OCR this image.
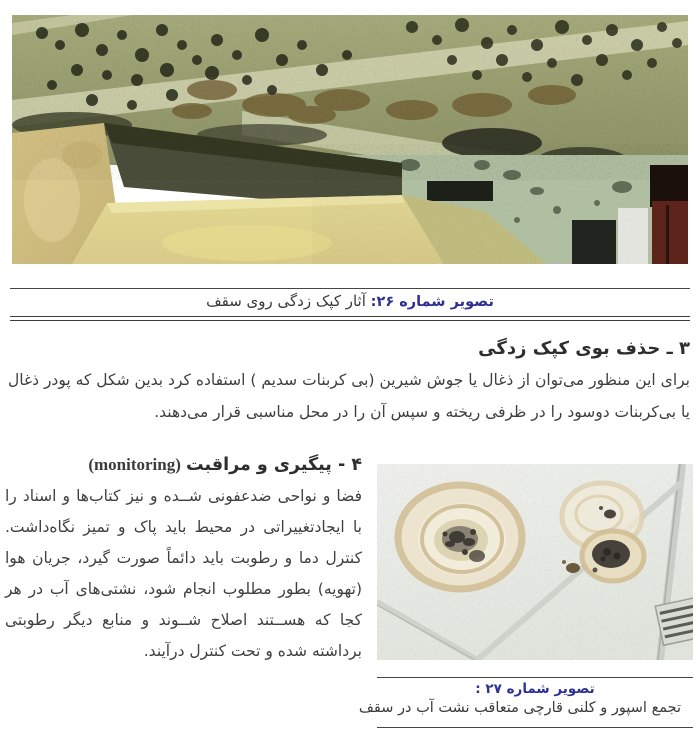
تصویر شماره ۲۶: آثار کپک زدگی روی سقف
۳ ـ حذف بوی کپک زدگی
برای این منظور می‌توان از ذغال یا جوش شیرین (بی کربنات سدیم ) استفاده کرد بدین شکل که پودر ذغال
یا بی‌کربنات دوسود را در ظرفی ریخته و سپس آن را در محل مناسبی قرار می‌دهند.
۴ - پیگیری و مراقبت (monitoring)
فضا و نواحی ضدعفونی شــده و نیز کتاب‌ها و اسناد را
با ایجادتغییراتی در محیط باید پاک و تمیز نگاه‌داشت.
کنترل دما و رطوبت باید دائماً صورت گیرد، جریان هوا
(تهویه) بطور مطلوب انجام شود، نشتی‌های آب در هر
کجا که هســتند اصلاح شــوند و منابع دیگر رطوبتی
برداشته شده و تحت کنترل درآیند.
تصویر شماره ۲۷ :
تجمع اسپور و کلنی قارچی متعاقب نشت آب در سقف
